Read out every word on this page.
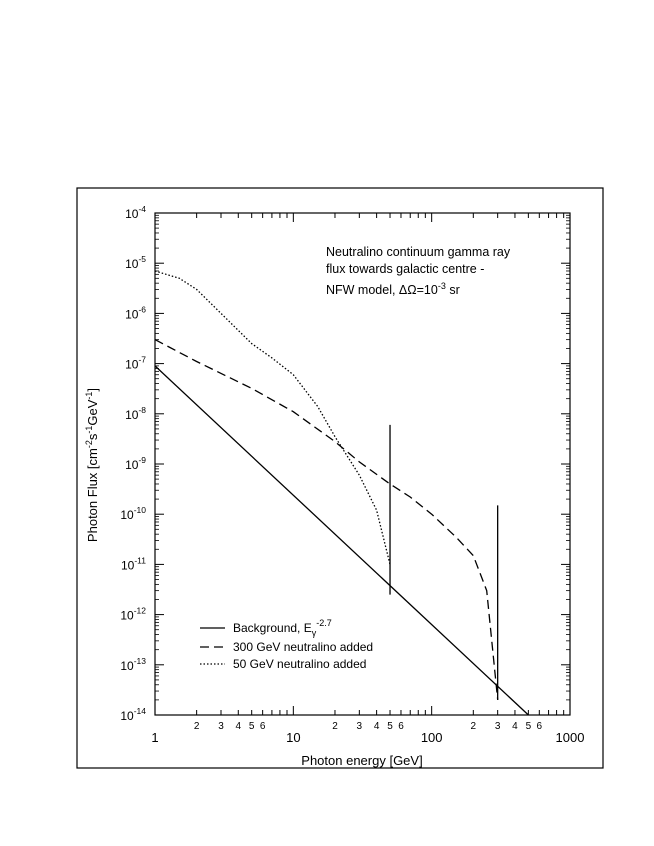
1
2 3 4 5 6
10
2 3 4 5 6
100
2 3 4 5 6
1000
$10^{-14}$
$10^{-13}$
$10^{-12}$
$10^{-11}$
$10^{-10}$
$10^{-9}$
$10^{-8}$
$10^{-7}$
$10^{-6}$
$10^{-5}$
$10^{-4}$
Photon energy [GeV]
Photon Flux $[cm^{-2}s^{-1}GeV^{-1}]$
Neutralino continuum gamma ray
flux towards galactic centre -
NFW model, $\Delta\Omega=10^{-3}$ sr
Background, $E_\gamma^{-2.7}$
300 GeV neutralino added
50 GeV neutralino added
